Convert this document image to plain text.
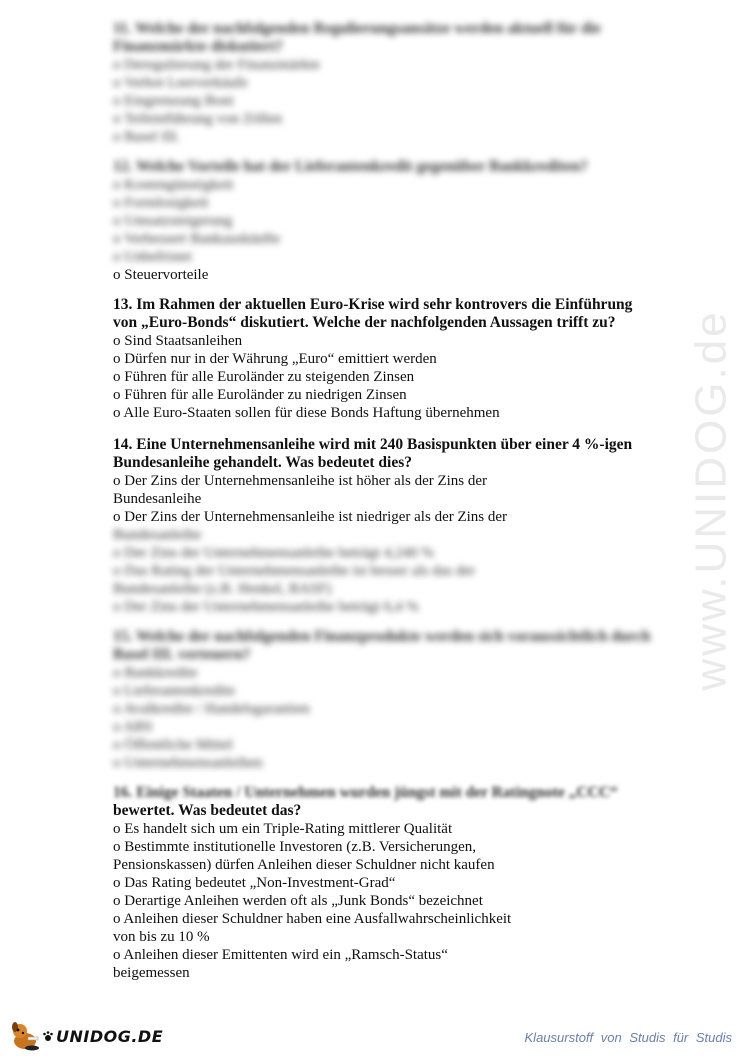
11. Welche der nachfolgenden Regulierungsansätze werden aktuell für die Finanzmärkte diskutiert?

o Deregulierung der Finanzmärkte

o Verbot Leerverkäufe

o Eingrenzung Boni

o Teileinführung von Zöllen

o Basel III.

12. Welche Vorteile hat der Lieferantenkredit gegenüber Bankkrediten?

o Kostengünstigkeit

o Formlosigkeit

o Umsatzsteigerung

o Verbessert Bankauskünfte

o Unbefristet

o Steuervorteile

13. Im Rahmen der aktuellen Euro-Krise wird sehr kontrovers die Einführung

von „Euro-Bonds“ diskutiert. Welche der nachfolgenden Aussagen trifft zu?

o Sind Staatsanleihen

o Dürfen nur in der Währung „Euro“ emittiert werden

o Führen für alle Euroländer zu steigenden Zinsen

o Führen für alle Euroländer zu niedrigen Zinsen

o Alle Euro-Staaten sollen für diese Bonds Haftung übernehmen

14. Eine Unternehmensanleihe wird mit 240 Basispunkten über einer 4 %-igen

Bundesanleihe gehandelt. Was bedeutet dies?

o Der Zins der Unternehmensanleihe ist höher als der Zins der

Bundesanleihe

o Der Zins der Unternehmensanleihe ist niedriger als der Zins der

Bundesanleihe

o Der Zins der Unternehmensanleihe beträgt 4,240 %

o Das Rating der Unternehmensanleihe ist besser als das der

Bundesanleihe (z.B. Henkel, BASF)

o Der Zins der Unternehmensanleihe beträgt 6,4 %

15. Welche der nachfolgenden Finanzprodukte werden sich voraussichtlich durch Basel III. verteuern?

o Bankkredite

o Lieferantenkredite

o Avalkredite / Handelsgarantien

o ABS

o Öffentliche Mittel

o Unternehmensanleihen

16. Einige Staaten / Unternehmen wurden jüngst mit der Ratingnote „CCC“

bewertet. Was bedeutet das?

o Es handelt sich um ein Triple-Rating mittlerer Qualität

o Bestimmte institutionelle Investoren (z.B. Versicherungen,

Pensionskassen) dürfen Anleihen dieser Schuldner nicht kaufen

o Das Rating bedeutet „Non-Investment-Grad“

o Derartige Anleihen werden oft als „Junk Bonds“ bezeichnet

o Anleihen dieser Schuldner haben eine Ausfallwahrscheinlichkeit

von bis zu 10 %

o Anleihen dieser Emittenten wird ein „Ramsch-Status“

beigemessen

www.UNIDOG.de
UNIDOG.DE	Klausurstoff von Studis für Studis
